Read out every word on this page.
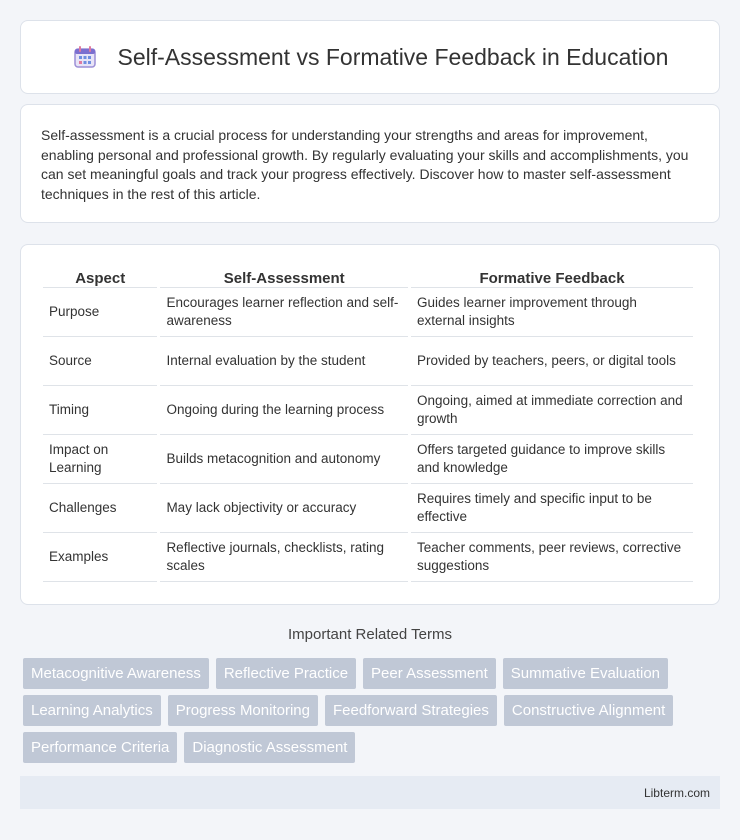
Self-Assessment vs Formative Feedback in Education

Self-assessment is a crucial process for understanding your strengths and areas for improvement, enabling personal and professional growth. By regularly evaluating your skills and accomplishments, you can set meaningful goals and track your progress effectively. Discover how to master self-assessment techniques in the rest of this article.

Aspect	Self-Assessment	Formative Feedback
Purpose	Encourages learner reflection and self-awareness	Guides learner improvement through external insights
Source	Internal evaluation by the student	Provided by teachers, peers, or digital tools
Timing	Ongoing during the learning process	Ongoing, aimed at immediate correction and growth
Impact on Learning	Builds metacognition and autonomy	Offers targeted guidance to improve skills and knowledge
Challenges	May lack objectivity or accuracy	Requires timely and specific input to be effective
Examples	Reflective journals, checklists, rating scales	Teacher comments, peer reviews, corrective suggestions
Important Related Terms
Metacognitive Awareness	Reflective Practice	Peer Assessment	Summative Evaluation
Learning Analytics	Progress Monitoring	Feedforward Strategies	Constructive Alignment
Performance Criteria	Diagnostic Assessment
Libterm.com
